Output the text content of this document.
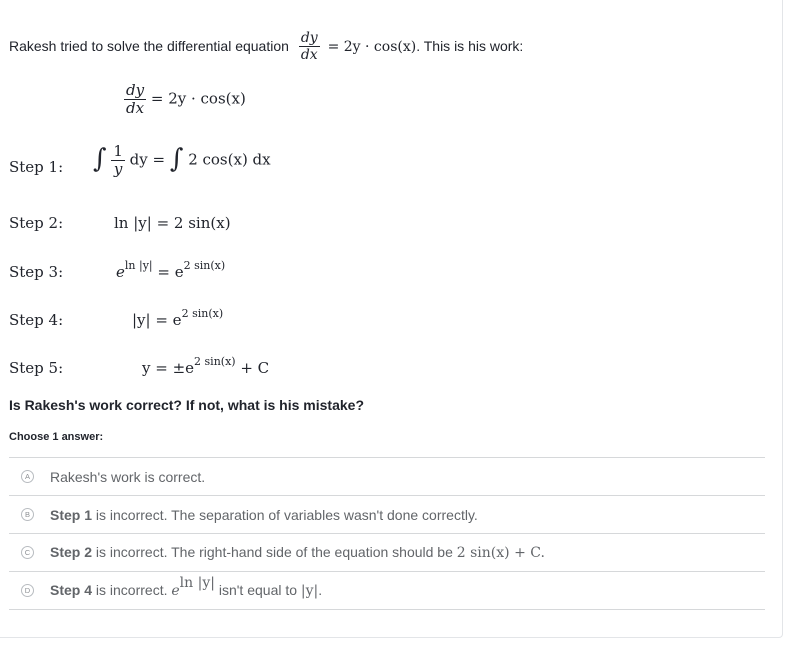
Rakesh tried to solve the differential equation $\frac{dy}{dx} = 2y \cdot \cos(x)$. This is his work:
$\frac{dy}{dx} = 2y \cdot \cos(x)$
Step 1: ∫ $\frac{1}{y}$ dy = ∫ 2 cos(x) dx
Step 2:	ln |y| = 2 sin(x)
Step 3:	$e^{ln |y|} = e^{2 sin(x)}$
Step 4:	$|y| = e^{2 sin(x)}$
Step 5:	$y = \pm e^{2 sin(x)} + C$
Is Rakesh's work correct? If not, what is his mistake?
Choose 1 answer:
A Rakesh's work is correct.
B Step 1 is incorrect. The separation of variables wasn't done correctly.
C Step 2 is incorrect. The right-hand side of the equation should be 2 sin(x) + C.
D Step 4 is incorrect. eln |y| isn't equal to |y|.
